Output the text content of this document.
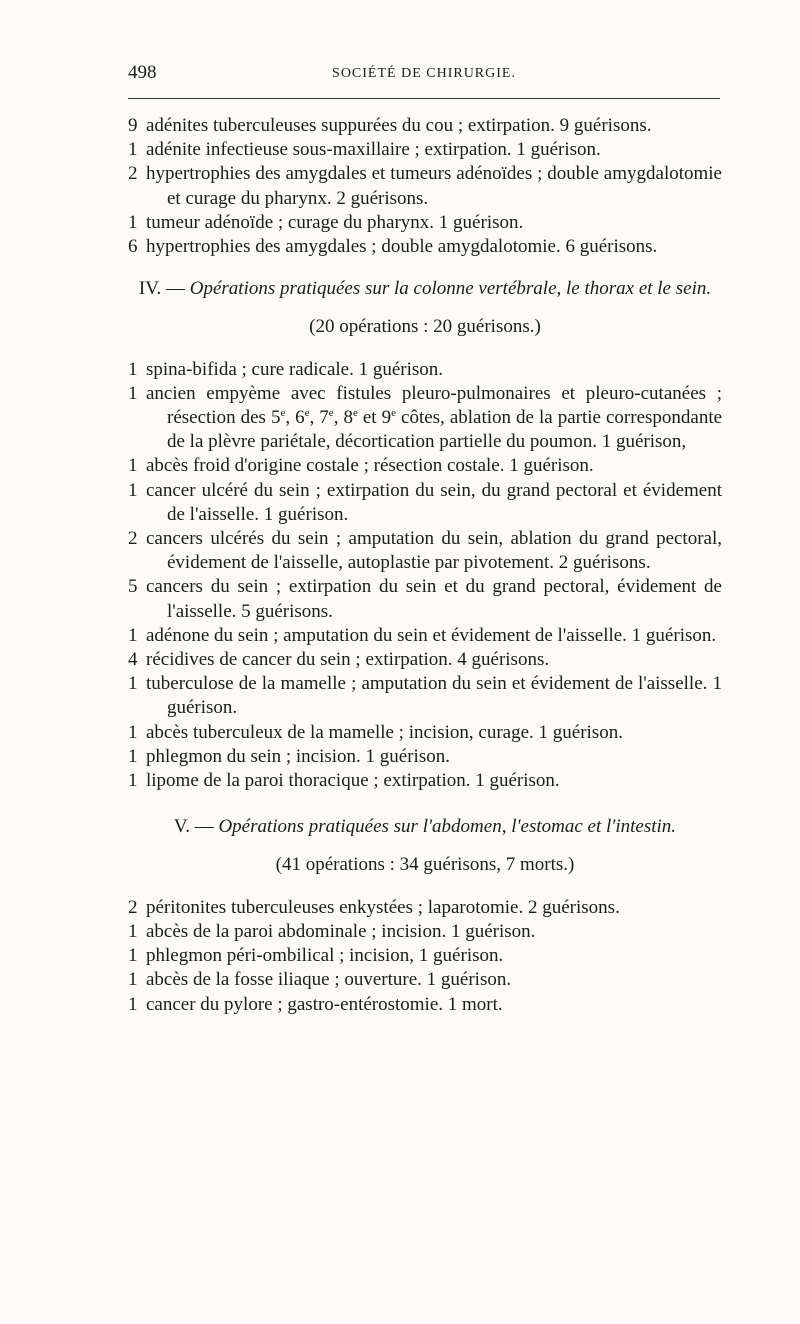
498	SOCIÉTÉ DE CHIRURGIE.
9 adénites tuberculeuses suppurées du cou ; extirpation. 9 guérisons.
1 adénite infectieuse sous-maxillaire ; extirpation. 1 guérison.
2 hypertrophies des amygdales et tumeurs adénoïdes ; double amygdalotomie et curage du pharynx. 2 guérisons.
1 tumeur adénoïde ; curage du pharynx. 1 guérison.
6 hypertrophies des amygdales ; double amygdalotomie. 6 guérisons.
IV. — Opérations pratiquées sur la colonne vertébrale, le thorax et le sein.
(20 opérations : 20 guérisons.)
1 spina-bifida ; cure radicale. 1 guérison.
1 ancien empyème avec fistules pleuro-pulmonaires et pleuro-cutanées ; résection des 5e, 6e, 7e, 8e et 9e côtes, ablation de la partie correspondante de la plèvre pariétale, décortication partielle du poumon. 1 guérison,
1 abcès froid d'origine costale ; résection costale. 1 guérison.
1 cancer ulcéré du sein ; extirpation du sein, du grand pectoral et évidement de l'aisselle. 1 guérison.
2 cancers ulcérés du sein ; amputation du sein, ablation du grand pectoral, évidement de l'aisselle, autoplastie par pivotement. 2 guérisons.
5 cancers du sein ; extirpation du sein et du grand pectoral, évidement de l'aisselle. 5 guérisons.
1 adénone du sein ; amputation du sein et évidement de l'aisselle. 1 guérison.
4 récidives de cancer du sein ; extirpation. 4 guérisons.
1 tuberculose de la mamelle ; amputation du sein et évidement de l'aisselle. 1 guérison.
1 abcès tuberculeux de la mamelle ; incision, curage. 1 guérison.
1 phlegmon du sein ; incision. 1 guérison.
1 lipome de la paroi thoracique ; extirpation. 1 guérison.
V. — Opérations pratiquées sur l'abdomen, l'estomac et l'intestin.
(41 opérations : 34 guérisons, 7 morts.)
2 péritonites tuberculeuses enkystées ; laparotomie. 2 guérisons.
1 abcès de la paroi abdominale ; incision. 1 guérison.
1 phlegmon péri-ombilical ; incision, 1 guérison.
1 abcès de la fosse iliaque ; ouverture. 1 guérison.
1 cancer du pylore ; gastro-entérostomie. 1 mort.
